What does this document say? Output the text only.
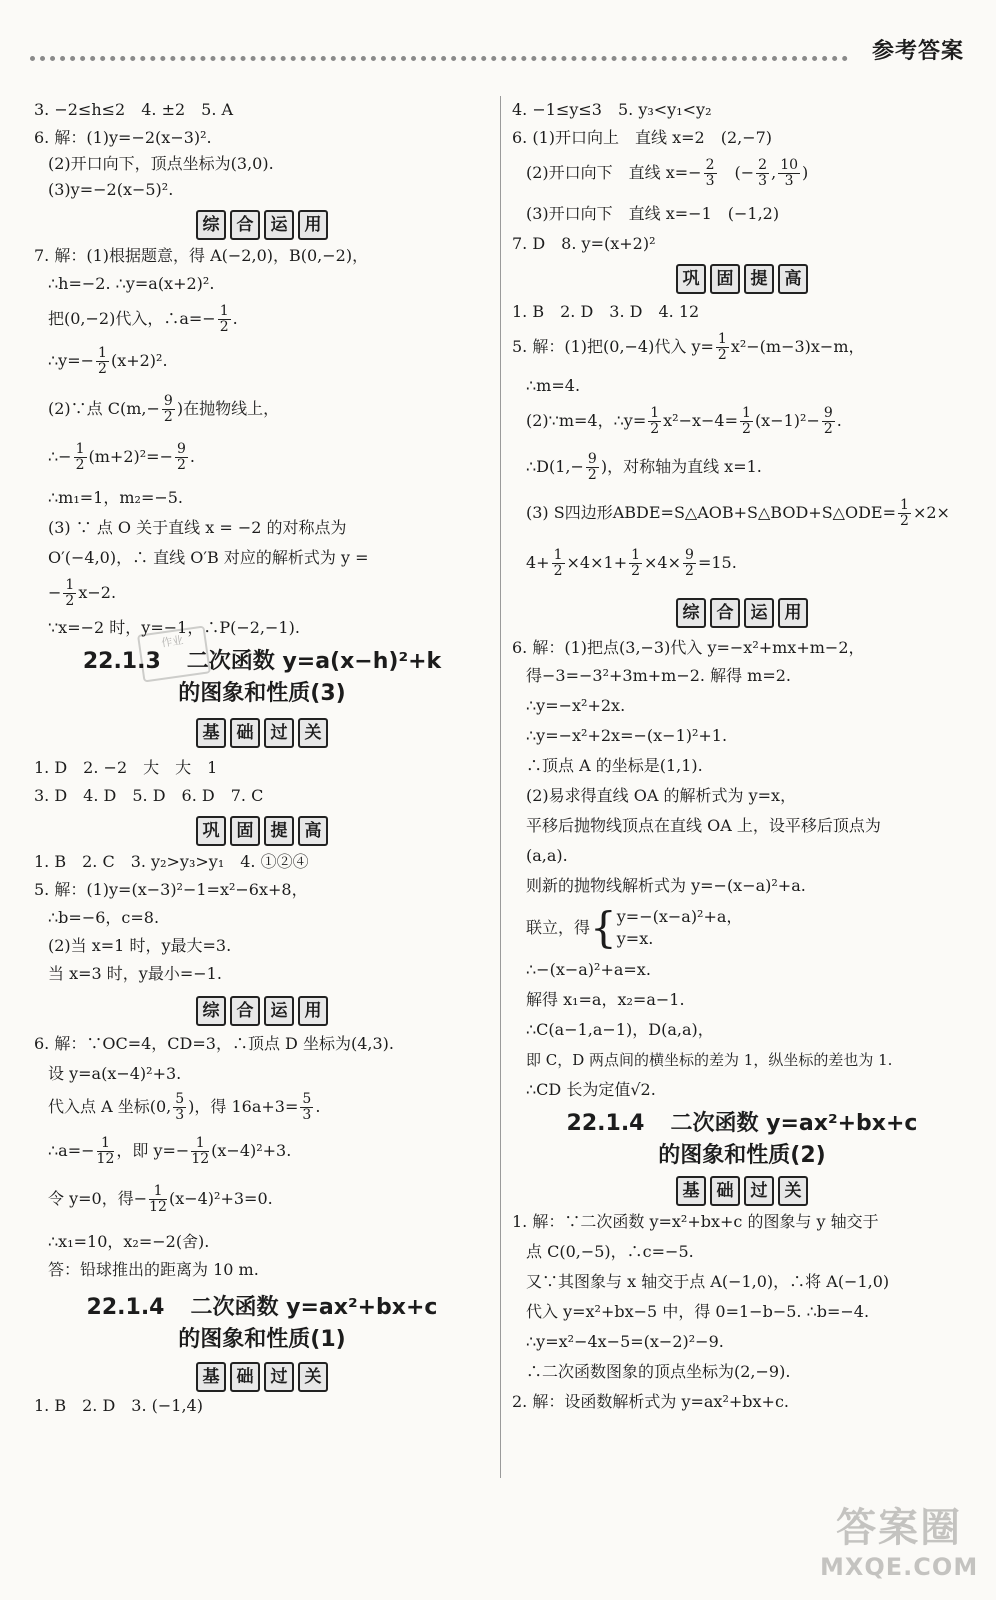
参考答案
3. −2≤h≤2　4. ±2　5. A
6. 解：(1)y=−2(x−3)².
(2)开口向下，顶点坐标为(3,0).
(3)y=−2(x−5)².
综	合	运	用
7. 解：(1)根据题意，得 A(−2,0)，B(0,−2)，
∴h=−2. ∴y=a(x+2)².
把(0,−2)代入，∴a=− $\frac{1}{2}$ .
∴y=− $\frac{1}{2} (x+2)^2$.
(2)∵点 $C(m,- \frac{9}{2}$ )在抛物线上，
∴− $\frac{1}{2} (m+2)^2=- \frac{9}{2}$ .
∴m₁=1，m₂=−5.
(3) ∵ 点 O 关于直线 x = −2 的对称点为
O′(−4,0)，∴ 直线 O′B 对应的解析式为 y =
− $\frac{1}{2} x-2$.
∵x=−2 时，y=−1，∴P(−2,−1).
22.1.3 二次函数 y=a(x−h)²+k
的图象和性质(3)
基	础	过	关
1. D　2. −2　大　大　1
3. D　4. D　5. D　6. D　7. C
巩	固	提	高
1. B　2. C　3. y₂>y₃>y₁　4. ①②④
5. 解：(1)y=(x−3)²−1=x²−6x+8，
∴b=−6，c=8.
(2)当 x=1 时，y最大=3.
当 x=3 时，y最小=−1.
综	合	运	用
6. 解：∵OC=4，CD=3，∴顶点 D 坐标为(4,3).
设 y=a(x−4)²+3.
代入点 A 坐标(0, $\frac{5}{3}$ )，得 $16a+3= \frac{5}{3}$ .
∴a=− $\frac{1}{12}$ ，即 $y=- \frac{1}{12} (x-4)^2+3$.
令 y=0，得− $\frac{1}{12} (x-4)^2+3=0$.
∴x₁=10，x₂=−2(舍).
答：铅球推出的距离为 10 m.
22.1.4 二次函数 y=ax²+bx+c
的图象和性质(1)
基	础	过	关
1. B　2. D　3. (−1,4)
4. −1≤y≤3　5. y₃<y₁<y₂
6. (1)开口向上　直线 x=2　(2,−7)
(2)开口向下　直线 $x=- \frac{2}{3}$ 　(− $\frac{2}{3}$ , $\frac{10}{3}$ )
(3)开口向下　直线 x=−1　(−1,2)
7. D　8. y=(x+2)²
巩	固	提	高
1. B　2. D　3. D　4. 12
5. 解：(1)把(0,−4)代入 $y= \frac{1}{2} x^2-(m-3)x-m$，
∴m=4.
(2)∵m=4，∴y= $\frac{1}{2} x^2-x-4= \frac{1}{2} (x-1)^2- \frac{9}{2}$ .
∴D(1,− $\frac{9}{2}$ )，对称轴为直线 x=1.
(3) S四边形ABDE=S△AOB+S△BOD+S△ODE= $\frac{1}{2} \times 2\times$
$4+ \frac{1}{2} \times 4\times 1+ \frac{1}{2} \times 4\times \frac{9}{2} =15$.
综	合	运	用
6. 解：(1)把点(3,−3)代入 y=−x²+mx+m−2，
得−3=−3²+3m+m−2. 解得 m=2.
∴y=−x²+2x.
∴y=−x²+2x=−(x−1)²+1.
∴顶点 A 的坐标是(1,1).
(2)易求得直线 OA 的解析式为 y=x，
平移后抛物线顶点在直线 OA 上，设平移后顶点为
(a,a).
则新的抛物线解析式为 y=−(x−a)²+a.
联立，得{ y=−(x−a)²+a，
y=x.
∴−(x−a)²+a=x.
解得 x₁=a，x₂=a−1.
∴C(a−1,a−1)，D(a,a)，
即 C，D 两点间的横坐标的差为 1，纵坐标的差也为 1.
∴CD 长为定值√2.
22.1.4 二次函数 y=ax²+bx+c
的图象和性质(2)
基	础	过	关
1. 解：∵二次函数 y=x²+bx+c 的图象与 y 轴交于
点 C(0,−5)，∴c=−5.
又∵其图象与 x 轴交于点 A(−1,0)，∴将 A(−1,0)
代入 y=x²+bx−5 中，得 0=1−b−5. ∴b=−4.
∴y=x²−4x−5=(x−2)²−9.
∴二次函数图象的顶点坐标为(2,−9).
2. 解：设函数解析式为 y=ax²+bx+c.
作业
答案圈
MXQE.COM
